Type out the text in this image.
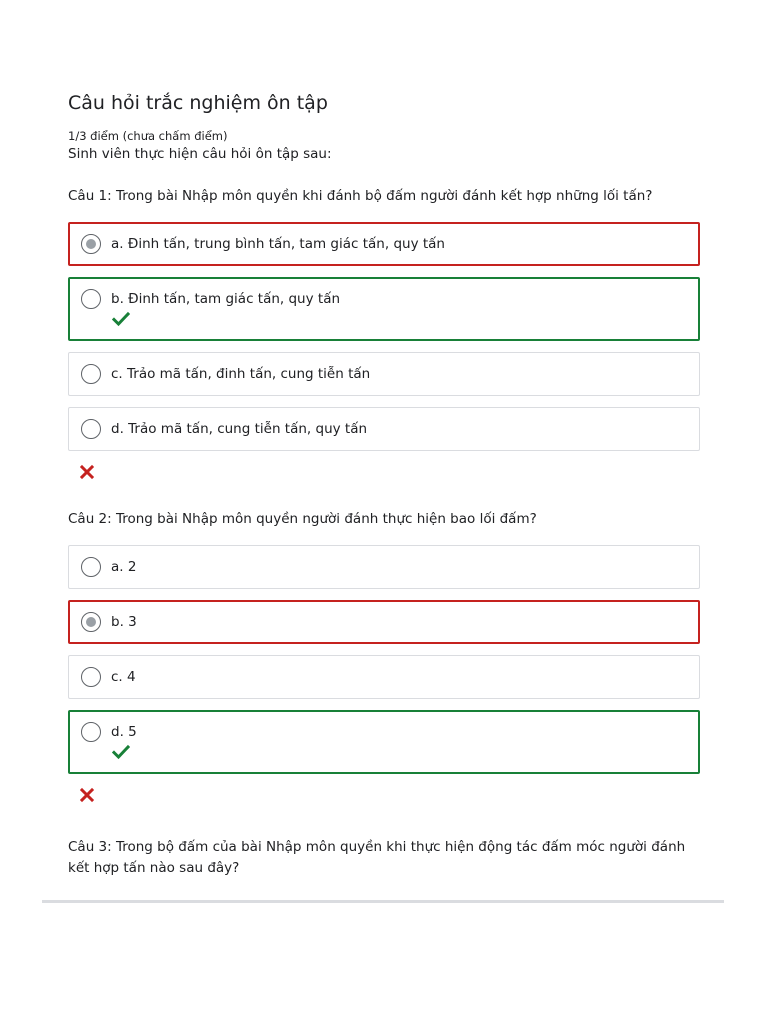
Câu hỏi trắc nghiệm ôn tập
1/3 điểm (chưa chấm điểm)
Sinh viên thực hiện câu hỏi ôn tập sau:
Câu 1: Trong bài Nhập môn quyền khi đánh bộ đấm người đánh kết hợp những lối tấn?
a. Đinh tấn, trung bình tấn, tam giác tấn, quy tấn
b. Đinh tấn, tam giác tấn, quy tấn
c. Trảo mã tấn, đinh tấn, cung tiễn tấn
d. Trảo mã tấn, cung tiễn tấn, quy tấn
Câu 2: Trong bài Nhập môn quyền người đánh thực hiện bao lối đấm?
a. 2
b. 3
c. 4
d. 5
Câu 3: Trong bộ đấm của bài Nhập môn quyền khi thực hiện động tác đấm móc người đánh kết hợp tấn nào sau đây?
